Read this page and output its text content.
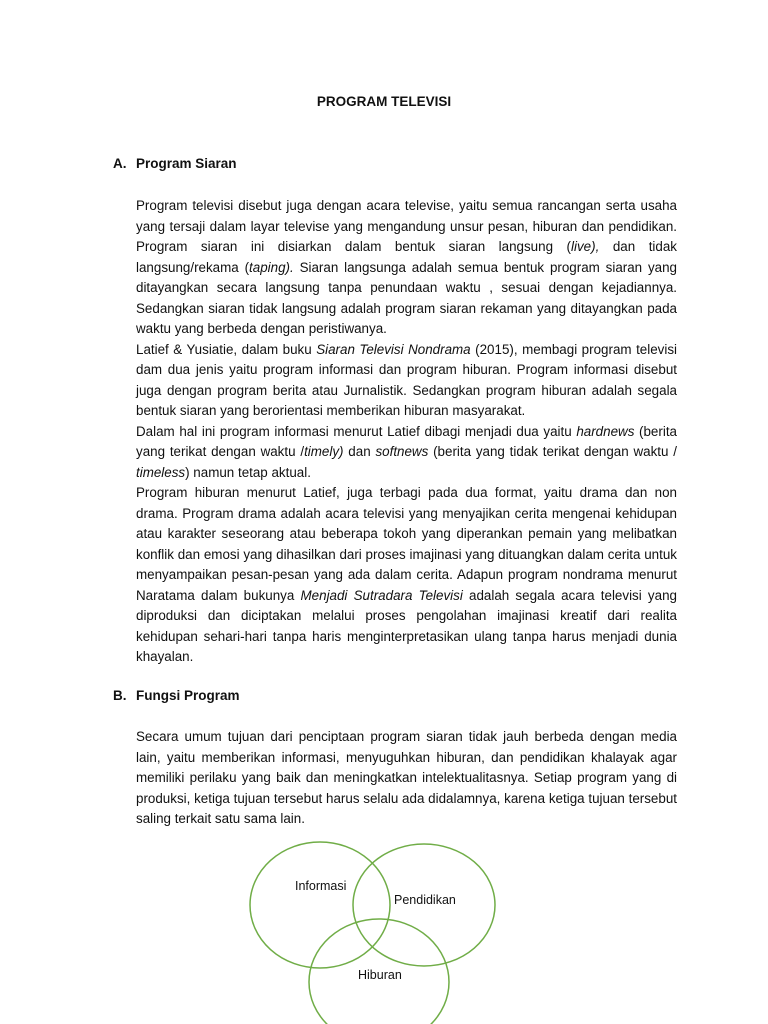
PROGRAM TELEVISI
A. Program Siaran

Program televisi disebut juga dengan acara televise, yaitu semua rancangan serta usaha yang tersaji dalam layar televise yang mengandung unsur pesan, hiburan dan pendidikan. Program siaran ini disiarkan dalam bentuk siaran langsung (live), dan tidak langsung/rekama (taping). Siaran langsunga adalah semua bentuk program siaran yang ditayangkan secara langsung tanpa penundaan waktu , sesuai dengan kejadiannya. Sedangkan siaran tidak langsung adalah program siaran rekaman yang ditayangkan pada waktu yang berbeda dengan peristiwanya.

Latief & Yusiatie, dalam buku Siaran Televisi Nondrama (2015), membagi program televisi dam dua jenis yaitu program informasi dan program hiburan. Program informasi disebut juga dengan program berita atau Jurnalistik. Sedangkan program hiburan adalah segala bentuk siaran yang berorientasi memberikan hiburan masyarakat.

Dalam hal ini program informasi menurut Latief dibagi menjadi dua yaitu hardnews (berita yang terikat dengan waktu /timely) dan softnews (berita yang tidak terikat dengan waktu / timeless) namun tetap aktual.

Program hiburan menurut Latief, juga terbagi pada dua format, yaitu drama dan non drama. Program drama adalah acara televisi yang menyajikan cerita mengenai kehidupan atau karakter seseorang atau beberapa tokoh yang diperankan pemain yang melibatkan konflik dan emosi yang dihasilkan dari proses imajinasi yang dituangkan dalam cerita untuk menyampaikan pesan-pesan yang ada dalam cerita. Adapun program nondrama menurut Naratama dalam bukunya Menjadi Sutradara Televisi adalah segala acara televisi yang diproduksi dan diciptakan melalui proses pengolahan imajinasi kreatif dari realita kehidupan sehari-hari tanpa haris menginterpretasikan ulang tanpa harus menjadi dunia khayalan.

B. Fungsi Program

Secara umum tujuan dari penciptaan program siaran tidak jauh berbeda dengan media lain, yaitu memberikan informasi, menyuguhkan hiburan, dan pendidikan khalayak agar memiliki perilaku yang baik dan meningkatkan intelektualitasnya. Setiap program yang di produksi, ketiga tujuan tersebut harus selalu ada didalamnya, karena ketiga tujuan tersebut saling terkait satu sama lain.

Informasi
Pendidikan
Hiburan
